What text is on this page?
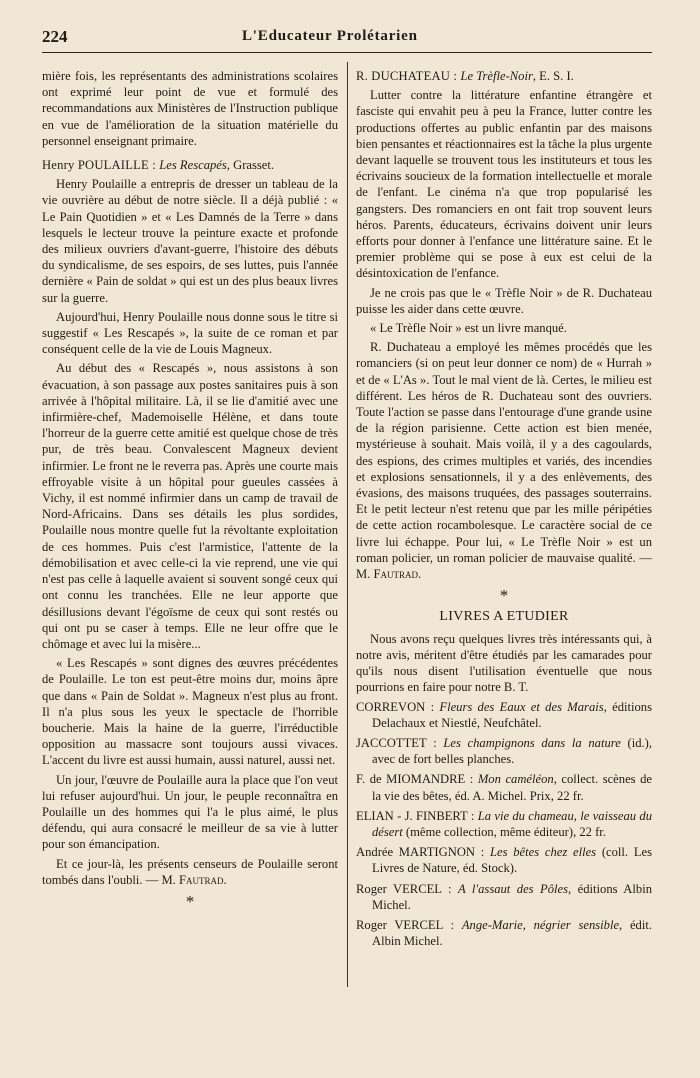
224	L'Educateur Prolétarien

mière fois, les représentants des administrations scolaires ont exprimé leur point de vue et formulé des recommandations aux Ministères de l'Instruction publique en vue de l'amélioration de la situation matérielle du personnel enseignant primaire.

Henry POULAILLE : Les Rescapés, Grasset.

Henry Poulaille a entrepris de dresser un tableau de la vie ouvrière au début de notre siècle. Il a déjà publié : « Le Pain Quotidien » et « Les Damnés de la Terre » dans lesquels le lecteur trouve la peinture exacte et profonde des milieux ouvriers d'avant-guerre, l'histoire des débuts du syndicalisme, de ses espoirs, de ses luttes, puis l'année dernière « Pain de soldat » qui est un des plus beaux livres sur la guerre.

Aujourd'hui, Henry Poulaille nous donne sous le titre si suggestif « Les Rescapés », la suite de ce roman et par conséquent celle de la vie de Louis Magneux.

Au début des « Rescapés », nous assistons à son évacuation, à son passage aux postes sanitaires puis à son arrivée à l'hôpital militaire. Là, il se lie d'amitié avec une infirmière-chef, Mademoiselle Hélène, et dans toute l'horreur de la guerre cette amitié est quelque chose de très pur, de très beau. Convalescent Magneux devient infirmier. Le front ne le reverra pas. Après une courte mais effroyable visite à un hôpital pour gueules cassées à Vichy, il est nommé infirmier dans un camp de travail de Nord-Africains. Dans ses détails les plus sordides, Poulaille nous montre quelle fut la révoltante exploitation de ces hommes. Puis c'est l'armistice, l'attente de la démobilisation et avec celle-ci la vie reprend, une vie qui n'est pas celle à laquelle avaient si souvent songé ceux qui ont connu les tranchées. Elle ne leur apporte que désillusions devant l'égoïsme de ceux qui sont restés ou qui ont pu se caser à temps. Elle ne leur offre que le chômage et avec lui la misère...

« Les Rescapés » sont dignes des œuvres précédentes de Poulaille. Le ton est peut-être moins dur, moins âpre que dans « Pain de Soldat ». Magneux n'est plus au front. Il n'a plus sous les yeux le spectacle de l'horrible boucherie. Mais la haine de la guerre, l'irréductible opposition au massacre sont toujours aussi vivaces. L'accent du livre est aussi humain, aussi naturel, aussi net.

Un jour, l'œuvre de Poulaille aura la place que l'on veut lui refuser aujourd'hui. Un jour, le peuple reconnaîtra en Poulaille un des hommes qui l'a le plus aimé, le plus défendu, qui aura consacré le meilleur de sa vie à lutter pour son émancipation.

Et ce jour-là, les présents censeurs de Poulaille seront tombés dans l'oubli. — M. Fautrad.

*

R. DUCHATEAU : Le Trèfle-Noir, E. S. I.

Lutter contre la littérature enfantine étrangère et fasciste qui envahit peu à peu la France, lutter contre les productions offertes au public enfantin par des maisons bien pensantes et réactionnaires est la tâche la plus urgente devant laquelle se trouvent tous les instituteurs et tous les écrivains soucieux de la formation intellectuelle et morale de l'enfant. Le cinéma n'a que trop popularisé les gangsters. Des romanciers en ont fait trop souvent leurs héros. Parents, éducateurs, écrivains doivent unir leurs efforts pour donner à l'enfance une littérature saine. Et le premier problème qui se pose à eux est celui de la désintoxication de l'enfance.

Je ne crois pas que le « Trèfle Noir » de R. Duchateau puisse les aider dans cette œuvre.

« Le Trèfle Noir » est un livre manqué.

R. Duchateau a employé les mêmes procédés que les romanciers (si on peut leur donner ce nom) de « Hurrah » et de « L'As ». Tout le mal vient de là. Certes, le milieu est différent. Les héros de R. Duchateau sont des ouvriers. Toute l'action se passe dans l'entourage d'une grande usine de la région parisienne. Cette action est bien menée, mystérieuse à souhait. Mais voilà, il y a des cagoulards, des espions, des crimes multiples et variés, des incendies et explosions sensationnels, il y a des enlèvements, des évasions, des maisons truquées, des passages souterrains. Et le petit lecteur n'est retenu que par les mille péripéties de cette action rocambolesque. Le caractère social de ce livre lui échappe. Pour lui, « Le Trèfle Noir » est un roman policier, un roman policier de mauvaise qualité. — M. Fautrad.

*
LIVRES A ETUDIER

Nous avons reçu quelques livres très intéressants qui, à notre avis, méritent d'être étudiés par les camarades pour qu'ils nous disent l'utilisation éventuelle que nous pourrions en faire pour notre B. T.

CORREVON : Fleurs des Eaux et des Marais, éditions Delachaux et Niestlé, Neufchâtel.

JACCOTTET : Les champignons dans la nature (id.), avec de fort belles planches.

F. de MIOMANDRE : Mon caméléon, collect. scènes de la vie des bêtes, éd. A. Michel. Prix, 22 fr.

ELIAN - J. FINBERT : La vie du chameau, le vaisseau du désert (même collection, même éditeur), 22 fr.

Andrée MARTIGNON : Les bêtes chez elles (coll. Les Livres de Nature, éd. Stock).

Roger VERCEL : A l'assaut des Pôles, éditions Albin Michel.

Roger VERCEL : Ange-Marie, négrier sensible, édit. Albin Michel.
